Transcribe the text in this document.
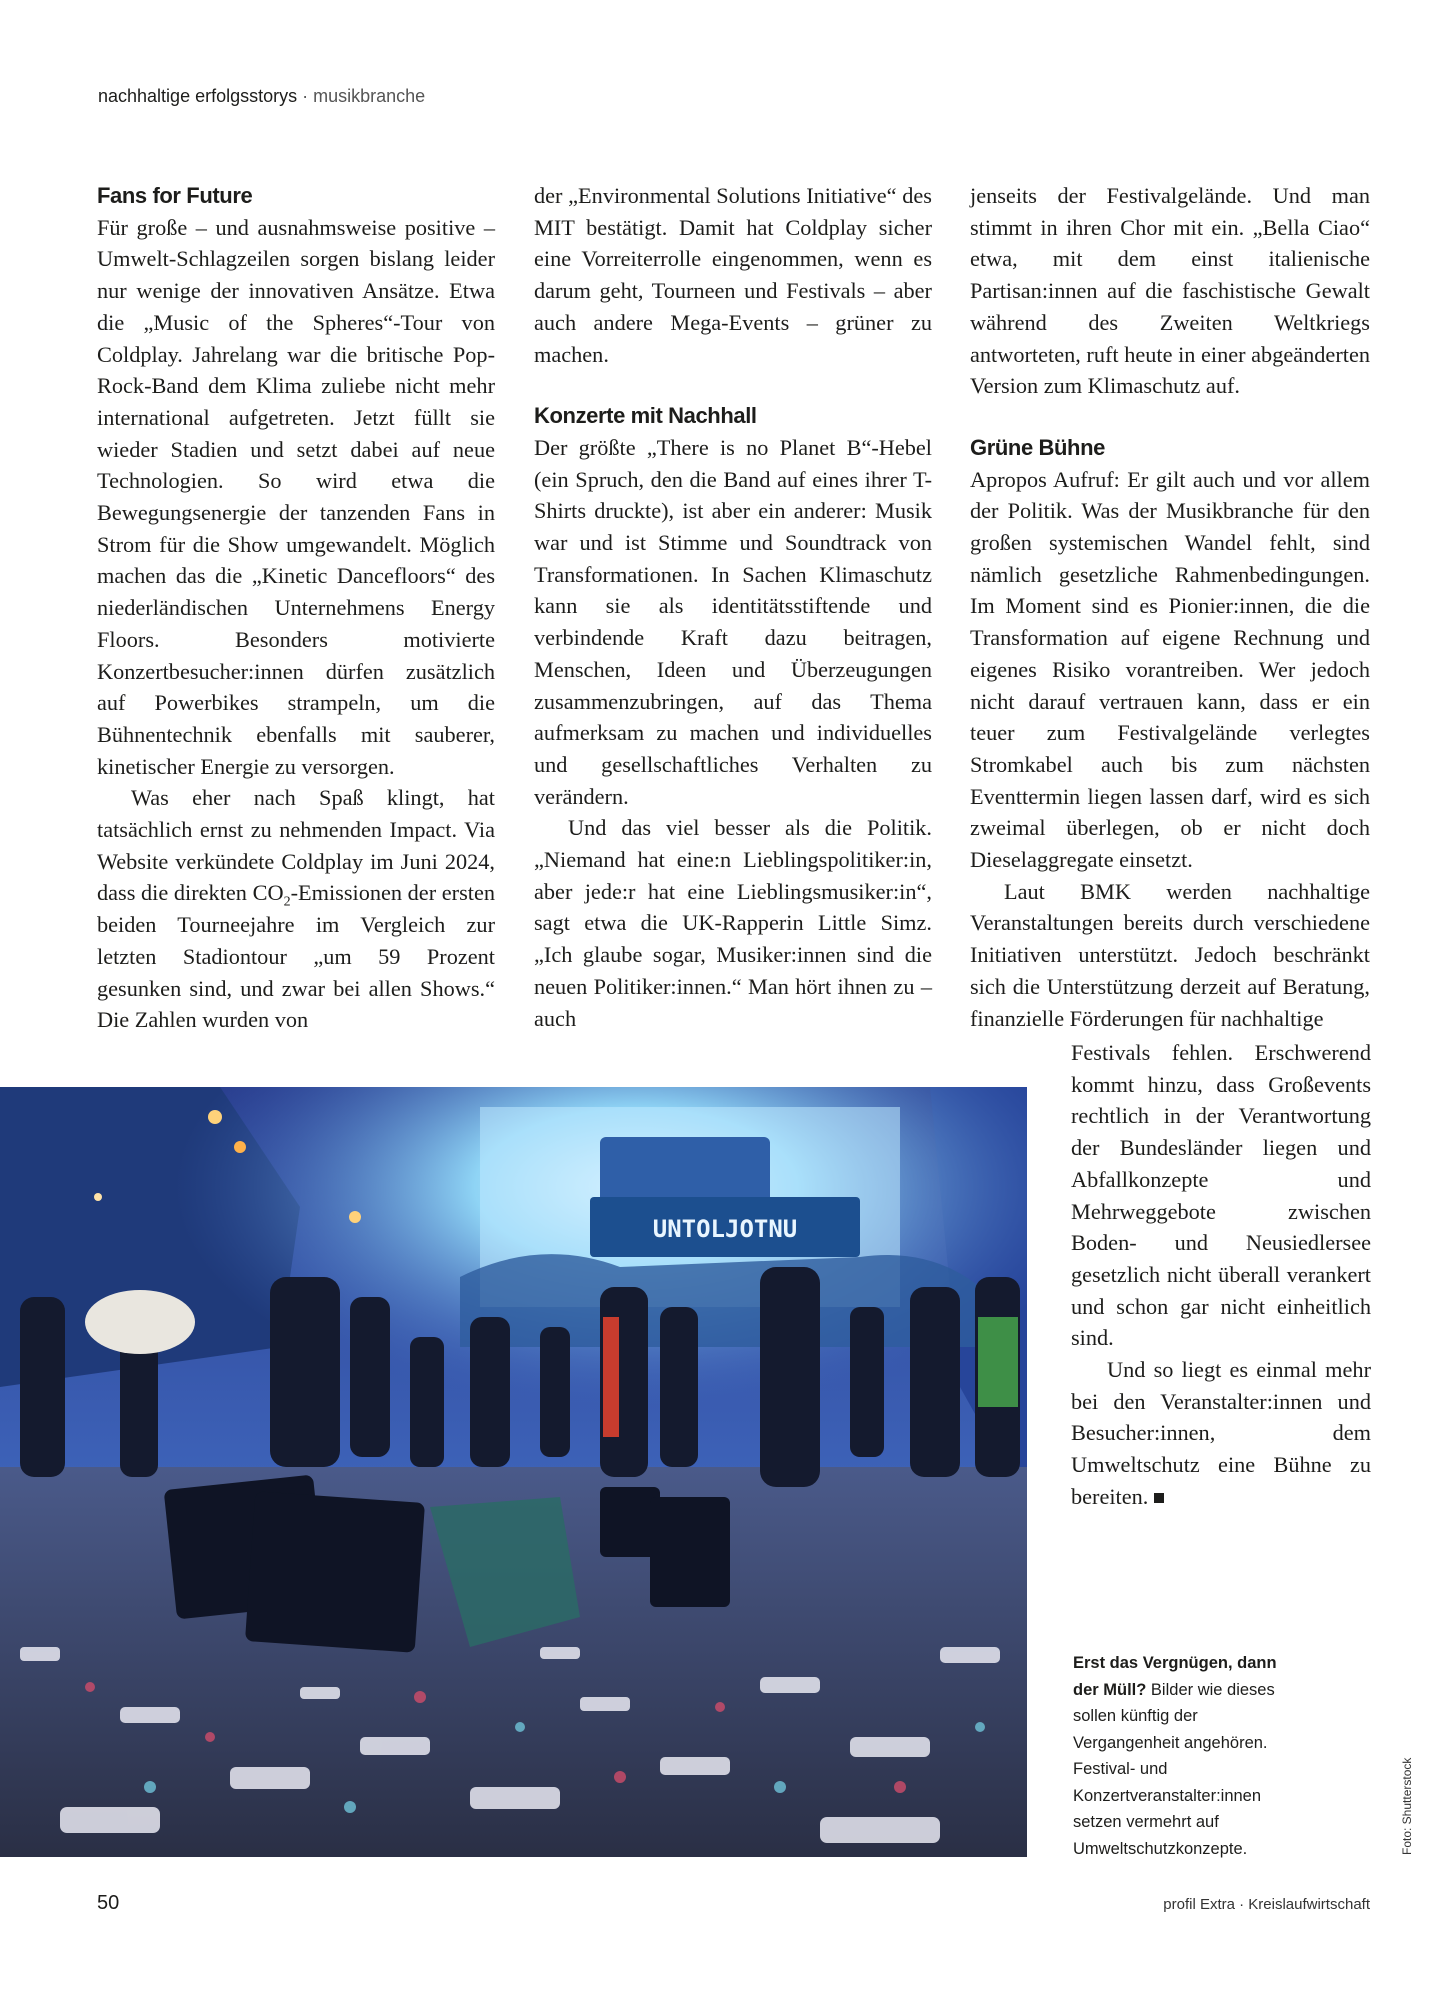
nachhaltige erfolgsstorys · musikbranche
Fans for Future

Für große – und ausnahmsweise positive – Umwelt-Schlagzeilen sorgen bislang leider nur wenige der innovativen Ansätze. Etwa die „Music of the Spheres“-Tour von Coldplay. Jahrelang war die britische Pop-Rock-Band dem Klima zuliebe nicht mehr international aufgetreten. Jetzt füllt sie wieder Stadien und setzt dabei auf neue Technologien. So wird etwa die Bewegungsenergie der tanzenden Fans in Strom für die Show umgewandelt. Möglich machen das die „Kinetic Dancefloors“ des niederländischen Unternehmens Energy Floors. Besonders motivierte Konzertbesucher:innen dürfen zusätzlich auf Powerbikes strampeln, um die Bühnentechnik ebenfalls mit sauberer, kinetischer Energie zu versorgen.

Was eher nach Spaß klingt, hat tatsächlich ernst zu nehmenden Impact. Via Website verkündete Coldplay im Juni 2024, dass die direkten $CO_2$-Emissionen der ersten beiden Tourneejahre im Vergleich zur letzten Stadiontour „um 59 Prozent gesunken sind, und zwar bei allen Shows.“ Die Zahlen wurden von

der „Environmental Solutions Initiative“ des MIT bestätigt. Damit hat Coldplay sicher eine Vorreiterrolle eingenommen, wenn es darum geht, Tourneen und Festivals – aber auch andere Mega-Events – grüner zu machen.

Konzerte mit Nachhall

Der größte „There is no Planet B“-Hebel (ein Spruch, den die Band auf eines ihrer T-Shirts druckte), ist aber ein anderer: Musik war und ist Stimme und Soundtrack von Transformationen. In Sachen Klimaschutz kann sie als identitätsstiftende und verbindende Kraft dazu beitragen, Menschen, Ideen und Überzeugungen zusammenzubringen, auf das Thema aufmerksam zu machen und individuelles und gesellschaftliches Verhalten zu verändern.

Und das viel besser als die Politik. „Niemand hat eine:n Lieblingspolitiker:in, aber jede:r hat eine Lieblingsmusiker:in“, sagt etwa die UK-Rapperin Little Simz. „Ich glaube sogar, Musiker:innen sind die neuen Politiker:innen.“ Man hört ihnen zu – auch

jenseits der Festivalgelände. Und man stimmt in ihren Chor mit ein. „Bella Ciao“ etwa, mit dem einst italienische Partisan:innen auf die faschistische Gewalt während des Zweiten Weltkriegs antworteten, ruft heute in einer abgeänderten Version zum Klimaschutz auf.

Grüne Bühne

Apropos Aufruf: Er gilt auch und vor allem der Politik. Was der Musikbranche für den großen systemischen Wandel fehlt, sind nämlich gesetzliche Rahmenbedingungen. Im Moment sind es Pionier:innen, die die Transformation auf eigene Rechnung und eigenes Risiko vorantreiben. Wer jedoch nicht darauf vertrauen kann, dass er ein teuer zum Festivalgelände verlegtes Stromkabel auch bis zum nächsten Eventtermin liegen lassen darf, wird es sich zweimal überlegen, ob er nicht doch Dieselaggregate einsetzt.

Laut BMK werden nachhaltige Veranstaltungen bereits durch verschiedene Initiativen unterstützt. Jedoch beschränkt sich die Unterstützung derzeit auf Beratung, finanzielle Förderungen für nachhaltige

Festivals fehlen. Erschwerend kommt hinzu, dass Großevents rechtlich in der Verantwortung der Bundesländer liegen und Abfallkonzepte und Mehrweggebote zwischen Boden- und Neusiedlersee gesetzlich nicht überall verankert und schon gar nicht einheitlich sind.

Und so liegt es einmal mehr bei den Veranstalter:innen und Besucher:innen, dem Umweltschutz eine Bühne zu bereiten.

UNTOLJOTNU
Erst das Vergnügen, dann der Müll? Bilder wie dieses sollen künftig der Vergangenheit angehören. Festival- und Konzertveranstalter:innen setzen vermehrt auf Umweltschutzkonzepte.	Foto: Shutterstock
50	profil Extra · Kreislaufwirtschaft
